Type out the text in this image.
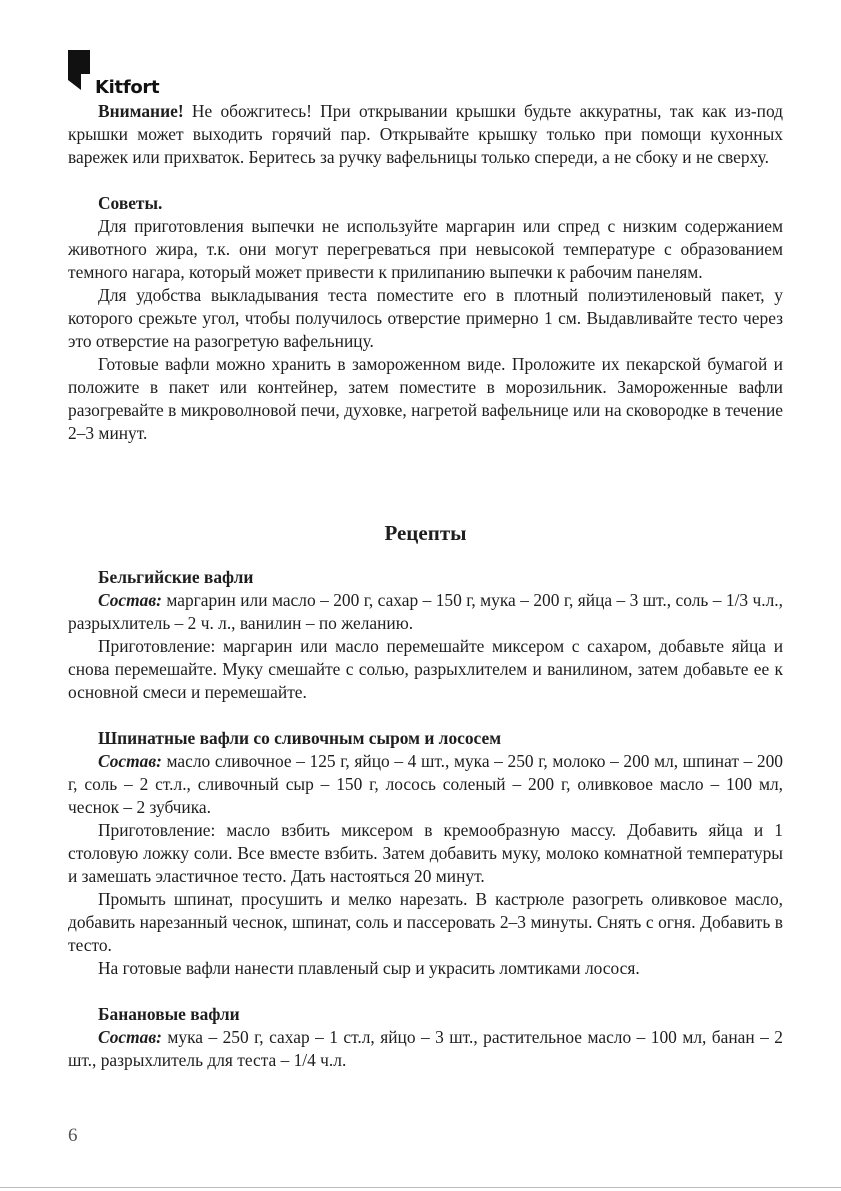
Kitfort

Внимание! Не обожгитесь! При открывании крышки будьте аккуратны, так как из-под крышки может выходить горячий пар. Открывайте крышку только при помощи кухонных варежек или прихваток. Беритесь за ручку вафельницы только спереди, а не сбоку и не сверху.

Советы.

Для приготовления выпечки не используйте маргарин или спред с низким содержанием животного жира, т.к. они могут перегреваться при невысокой температуре с образованием темного нагара, который может привести к прилипанию выпечки к рабочим панелям.

Для удобства выкладывания теста поместите его в плотный полиэтиленовый пакет, у которого срежьте угол, чтобы получилось отверстие примерно 1 см. Выдавливайте тесто через это отверстие на разогретую вафельницу.

Готовые вафли можно хранить в замороженном виде. Проложите их пекарской бумагой и положите в пакет или контейнер, затем поместите в морозильник. Замороженные вафли разогревайте в микроволновой печи, духовке, нагретой вафельнице или на сковородке в течение 2–3 минут.

Рецепты
Бельгийские вафли

Состав: маргарин или масло – 200 г, сахар – 150 г, мука – 200 г, яйца – 3 шт., соль – 1/3 ч.л., разрыхлитель – 2 ч. л., ванилин – по желанию.

Приготовление: маргарин или масло перемешайте миксером с сахаром, добавьте яйца и снова перемешайте. Муку смешайте с солью, разрыхлителем и ванилином, затем добавьте ее к основной смеси и перемешайте.

Шпинатные вафли со сливочным сыром и лососем

Состав: масло сливочное – 125 г, яйцо – 4 шт., мука – 250 г, молоко – 200 мл, шпинат – 200 г, соль – 2 ст.л., сливочный сыр – 150 г, лосось соленый – 200 г, оливковое масло – 100 мл, чеснок – 2 зубчика.

Приготовление: масло взбить миксером в кремообразную массу. Добавить яйца и 1 столовую ложку соли. Все вместе взбить. Затем добавить муку, молоко комнатной температуры и замешать эластичное тесто. Дать настояться 20 минут.

Промыть шпинат, просушить и мелко нарезать. В кастрюле разогреть оливковое масло, добавить нарезанный чеснок, шпинат, соль и пассеровать 2–3 минуты. Снять с огня. Добавить в тесто.

На готовые вафли нанести плавленый сыр и украсить ломтиками лосося.

Банановые вафли

Состав: мука – 250 г, сахар – 1 ст.л, яйцо – 3 шт., растительное масло – 100 мл, банан – 2 шт., разрыхлитель для теста – 1/4 ч.л.

6
